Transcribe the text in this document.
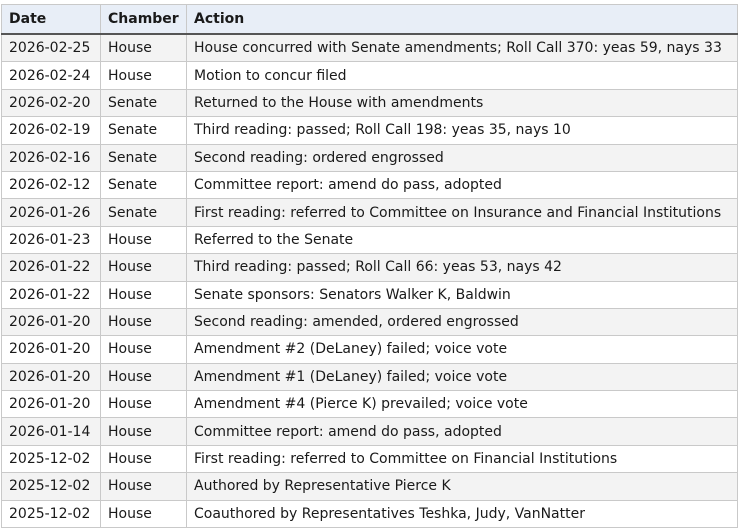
Date	Chamber	Action
2026-02-25	House	House concurred with Senate amendments; Roll Call 370: yeas 59, nays 33
2026-02-24	House	Motion to concur filed
2026-02-20	Senate	Returned to the House with amendments
2026-02-19	Senate	Third reading: passed; Roll Call 198: yeas 35, nays 10
2026-02-16	Senate	Second reading: ordered engrossed
2026-02-12	Senate	Committee report: amend do pass, adopted
2026-01-26	Senate	First reading: referred to Committee on Insurance and Financial Institutions
2026-01-23	House	Referred to the Senate
2026-01-22	House	Third reading: passed; Roll Call 66: yeas 53, nays 42
2026-01-22	House	Senate sponsors: Senators Walker K, Baldwin
2026-01-20	House	Second reading: amended, ordered engrossed
2026-01-20	House	Amendment #2 (DeLaney) failed; voice vote
2026-01-20	House	Amendment #1 (DeLaney) failed; voice vote
2026-01-20	House	Amendment #4 (Pierce K) prevailed; voice vote
2026-01-14	House	Committee report: amend do pass, adopted
2025-12-02	House	First reading: referred to Committee on Financial Institutions
2025-12-02	House	Authored by Representative Pierce K
2025-12-02	House	Coauthored by Representatives Teshka, Judy, VanNatter
